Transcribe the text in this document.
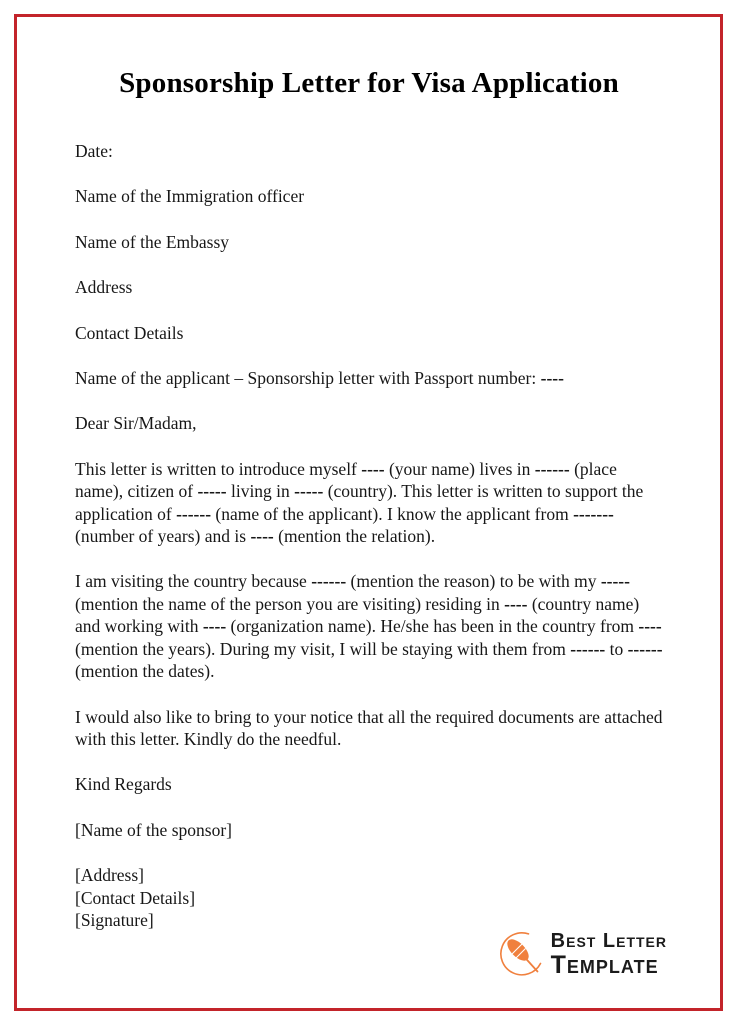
Sponsorship Letter for Visa Application

Date:

Name of the Immigration officer

Name of the Embassy

Address

Contact Details

Name of the applicant – Sponsorship letter with Passport number: ----

Dear Sir/Madam,

This letter is written to introduce myself ---- (your name) lives in ------ (place name), citizen of ----- living in ----- (country). This letter is written to support the application of ------ (name of the applicant). I know the applicant from ------- (number of years) and is ---- (mention the relation).

I am visiting the country because ------ (mention the reason) to be with my ----- (mention the name of the person you are visiting) residing in ---- (country name) and working with ---- (organization name). He/she has been in the country from ---- (mention the years). During my visit, I will be staying with them from ------ to ------ (mention the dates).

I would also like to bring to your notice that all the required documents are attached with this letter. Kindly do the needful.

Kind Regards

[Name of the sponsor]

[Address]

[Contact Details]

[Signature]

Best Letter
Template
